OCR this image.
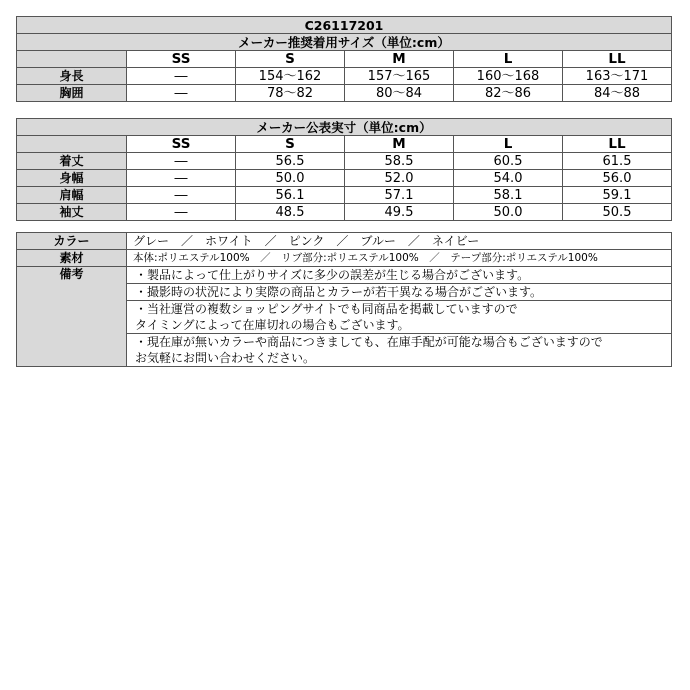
C26117201					
メーカー推奨着用サイズ（単位:cm）					
	SS	S	M	L	LL
身長	―	154～162	157～165	160～168	163～171
胸囲	―	78～82	80～84	82～86	84～88
メーカー公表実寸（単位:cm）					
	SS	S	M	L	LL
着丈	―	56.5	58.5	60.5	61.5
身幅	―	50.0	52.0	54.0	56.0
肩幅	―	56.1	57.1	58.1	59.1
袖丈	―	48.5	49.5	50.0	50.5
カラー	グレー　／　ホワイト　／　ピンク　／　ブルー　／　ネイビー
素材	本体:ポリエステル100%　／　リブ部分:ポリエステル100%　／　テープ部分:ポリエステル100%
備考	・製品によって仕上がりサイズに多少の誤差が生じる場合がございます。
	・撮影時の状況により実際の商品とカラーが若干異なる場合がございます。
	・当社運営の複数ショッピングサイトでも同商品を掲載していますので
タイミングによって在庫切れの場合もございます。
	・現在庫が無いカラーや商品につきましても、在庫手配が可能な場合もございますので
お気軽にお問い合わせください。
